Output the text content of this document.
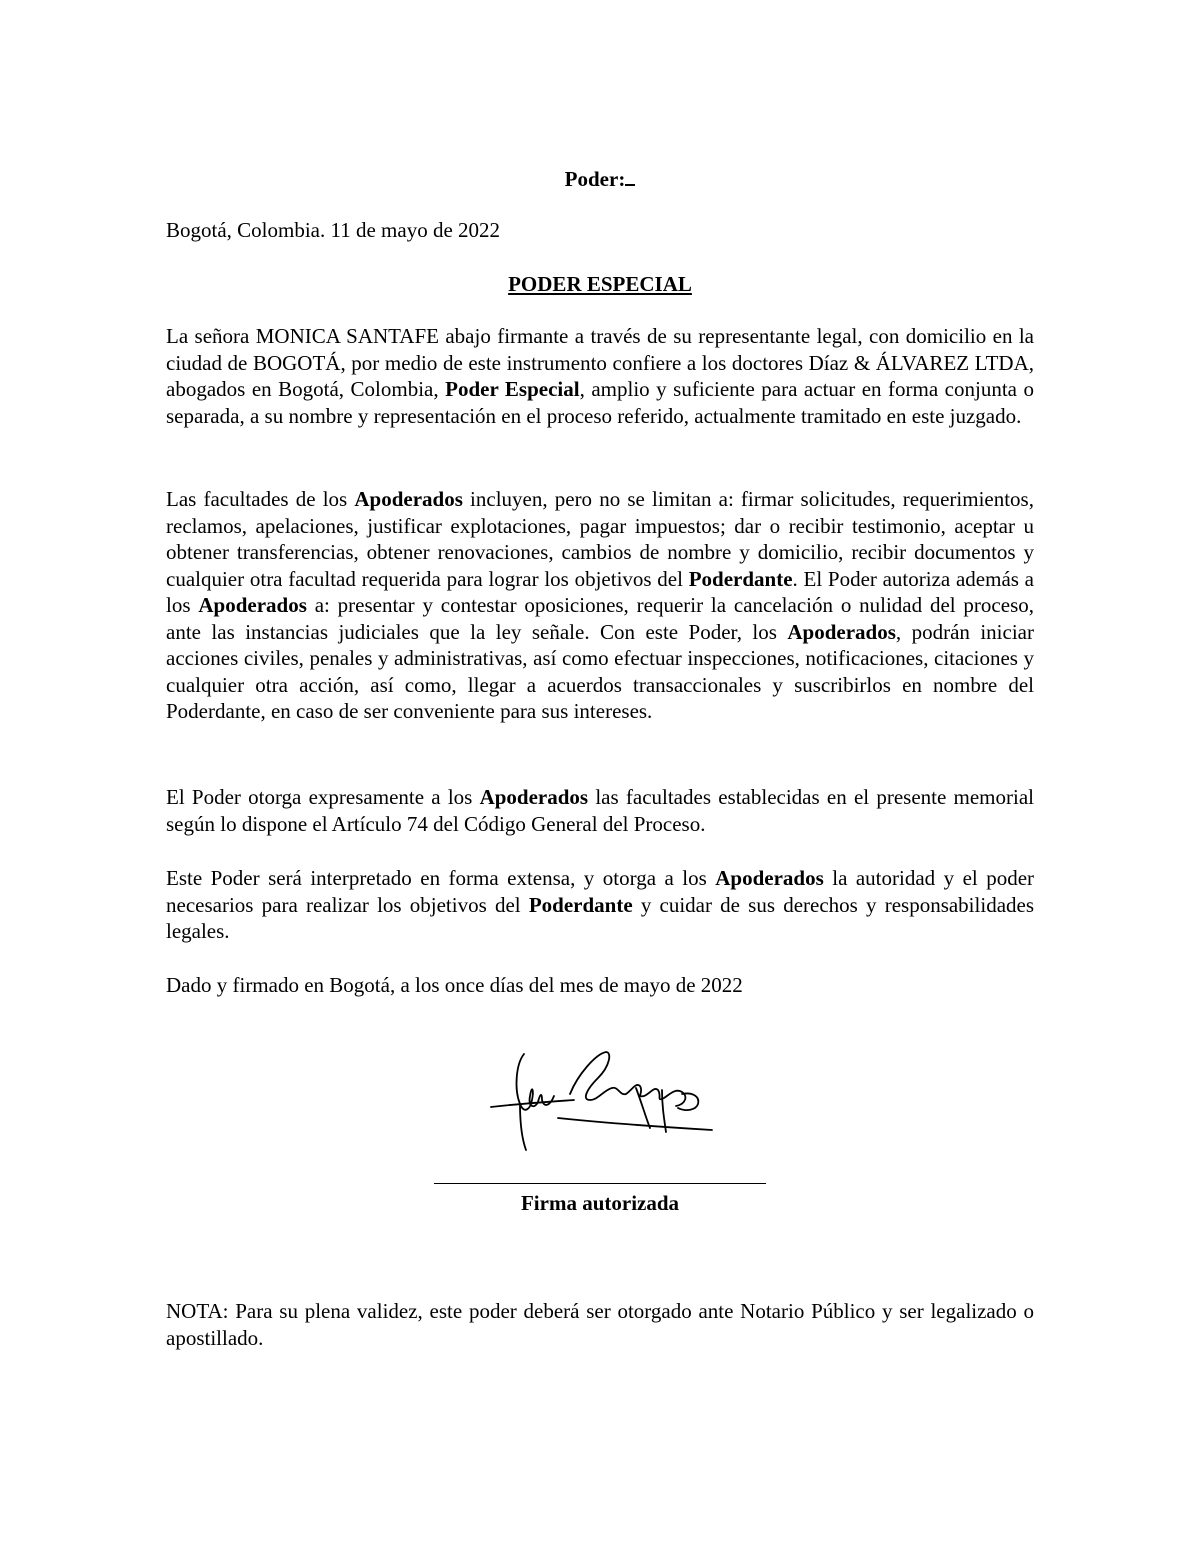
Poder:
Bogotá, Colombia. 11 de mayo de 2022
PODER ESPECIAL

La señora MONICA SANTAFE abajo firmante a través de su representante legal, con domicilio en la ciudad de BOGOTÁ, por medio de este instrumento confiere a los doctores Díaz & ÁLVAREZ LTDA, abogados en Bogotá, Colombia, Poder Especial, amplio y suficiente para actuar en forma conjunta o separada, a su nombre y representación en el proceso referido, actualmente tramitado en este juzgado.

Las facultades de los Apoderados incluyen, pero no se limitan a: firmar solicitudes, requerimientos, reclamos, apelaciones, justificar explotaciones, pagar impuestos; dar o recibir testimonio, aceptar u obtener transferencias, obtener renovaciones, cambios de nombre y domicilio, recibir documentos y cualquier otra facultad requerida para lograr los objetivos del Poderdante. El Poder autoriza además a los Apoderados a: presentar y contestar oposiciones, requerir la cancelación o nulidad del proceso, ante las instancias judiciales que la ley señale. Con este Poder, los Apoderados, podrán iniciar acciones civiles, penales y administrativas, así como efectuar inspecciones, notificaciones, citaciones y cualquier otra acción, así como, llegar a acuerdos transaccionales y suscribirlos en nombre del Poderdante, en caso de ser conveniente para sus intereses.

El Poder otorga expresamente a los Apoderados las facultades establecidas en el presente memorial según lo dispone el Artículo 74 del Código General del Proceso.

Este Poder será interpretado en forma extensa, y otorga a los Apoderados la autoridad y el poder necesarios para realizar los objetivos del Poderdante y cuidar de sus derechos y responsabilidades legales.

Dado y firmado en Bogotá, a los once días del mes de mayo de 2022

Firma autorizada

NOTA: Para su plena validez, este poder deberá ser otorgado ante Notario Público y ser legalizado o apostillado.
